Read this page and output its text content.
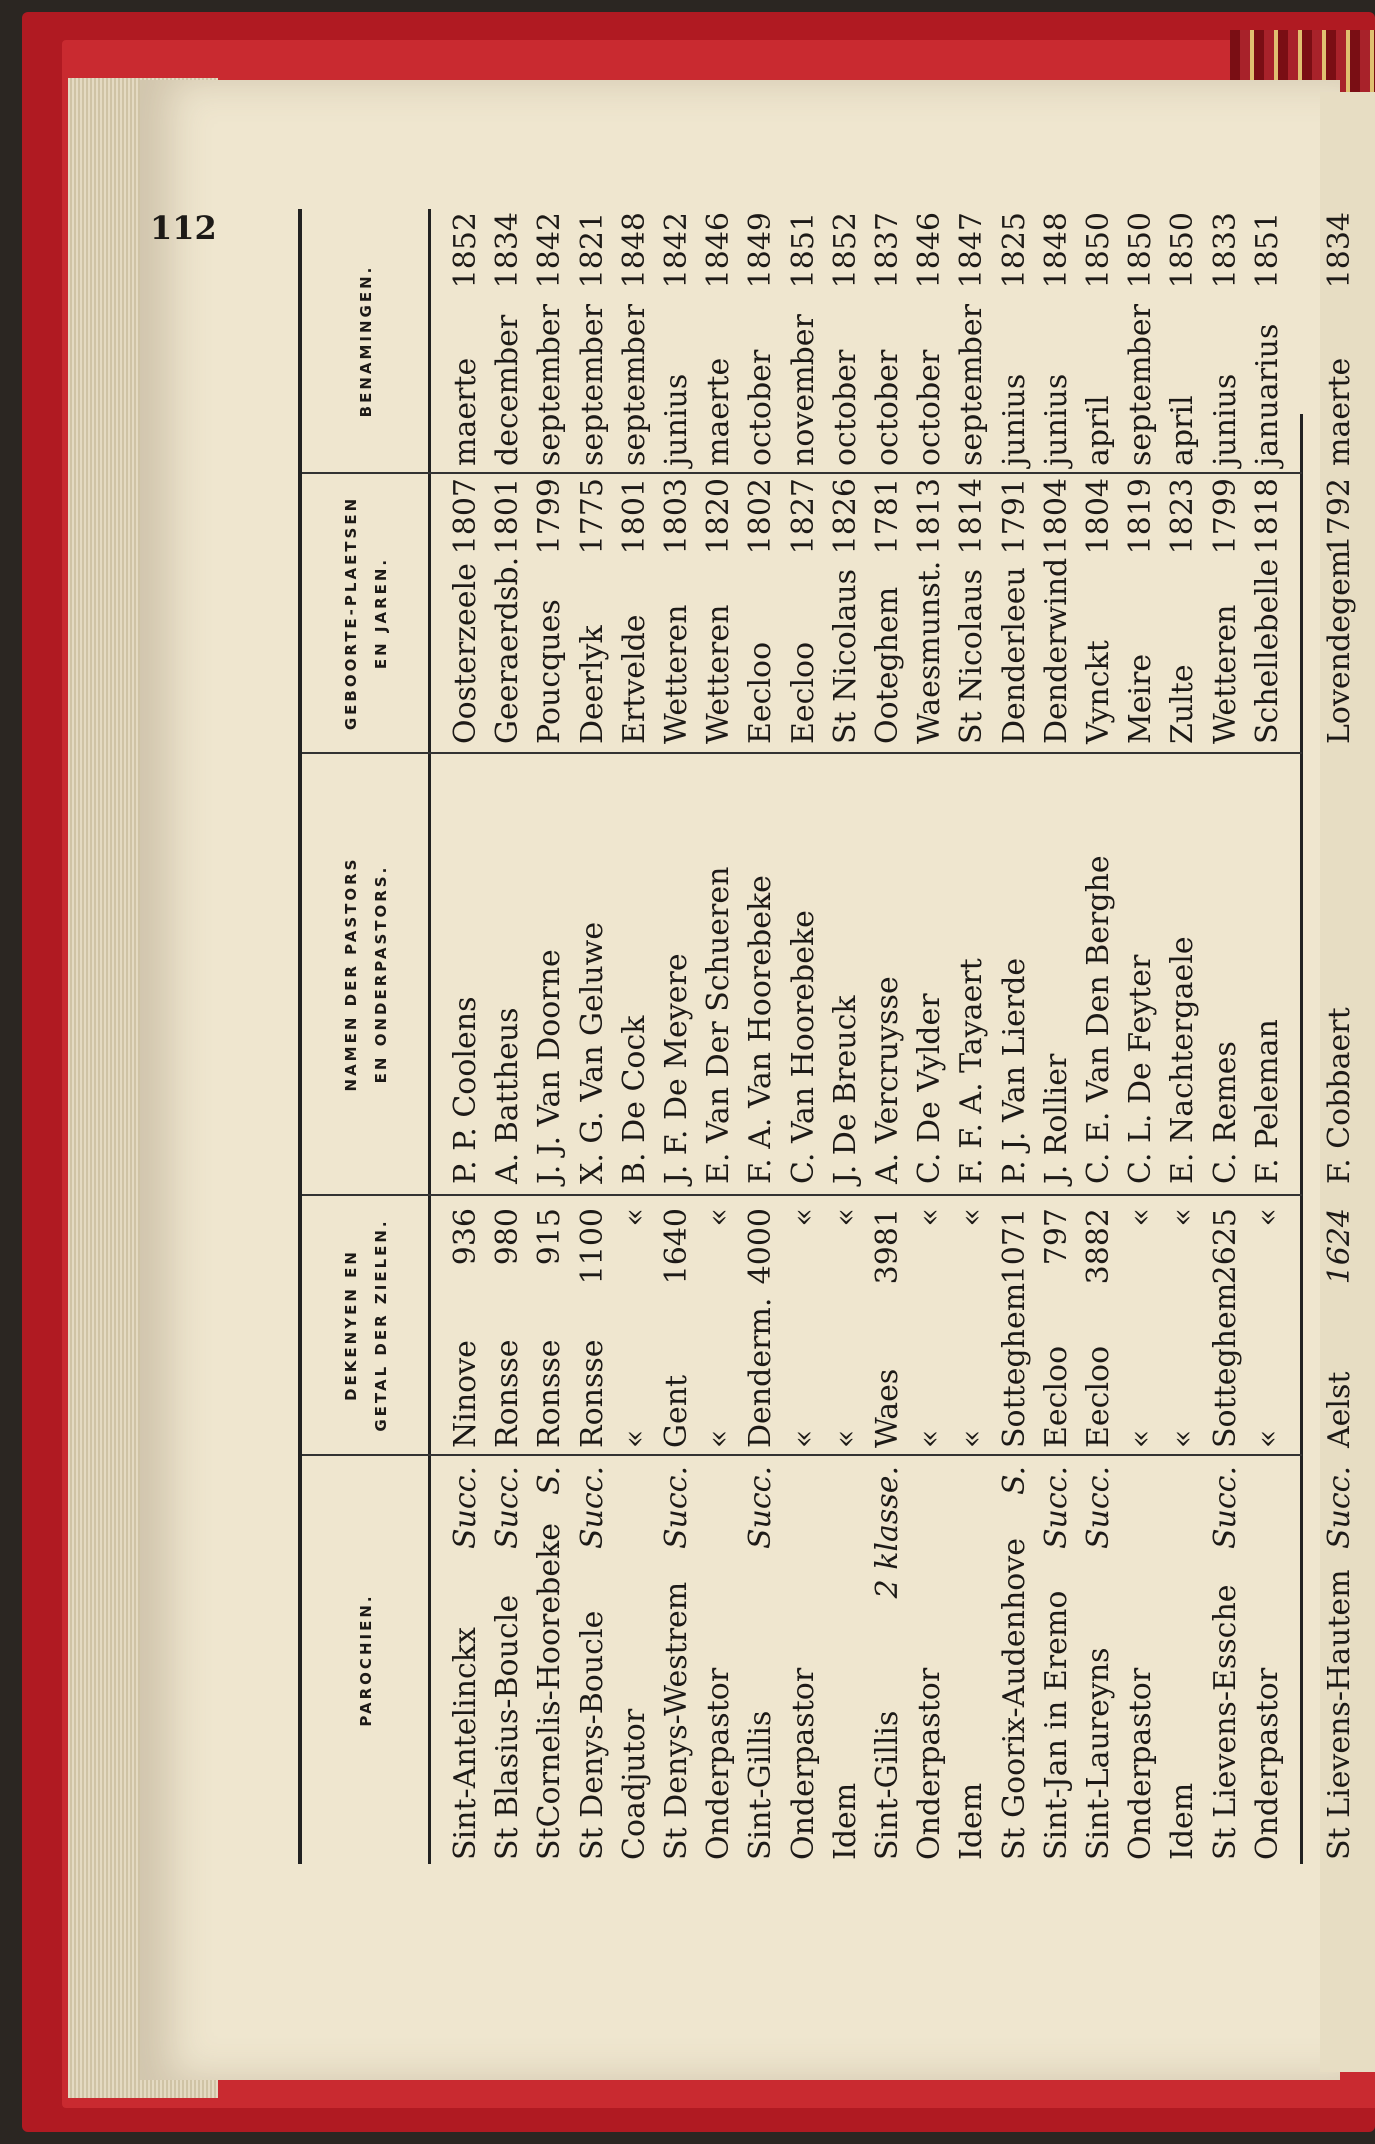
112
PAROCHIEN.
DEKENYEN EN GETAL DER ZIELEN.
NAMEN DER PASTORS EN ONDERPASTORS.
GEBOORTE-PLAETSEN EN JAREN.
BENAMINGEN.
Sint-Antelinckx
Succ.
Ninove
936
P. P. Coolens
Oosterzeele
1807
maerte
1852
St Blasius-Boucle
Succ.
Ronsse
980
A. Battheus
Geeraerdsb.
1801
december
1834
StCornelis-Hoorebeke
S.
Ronsse
915
J. J. Van Doorne
Poucques
1799
september
1842
St Denys-Boucle
Succ.
Ronsse
1100
X. G. Van Geluwe
Deerlyk
1775
september
1821
Coadjutor
«
«
B. De Cock
Ertvelde
1801
september
1848
St Denys-Westrem
Succ.
Gent
1640
J. F. De Meyere
Wetteren
1803
junius
1842
Onderpastor
«
«
E. Van Der Schueren
Wetteren
1820
maerte
1846
Sint-Gillis
Succ.
Denderm.
4000
F. A. Van Hoorebeke
Eecloo
1802
october
1849
Onderpastor
«
«
C. Van Hoorebeke
Eecloo
1827
november
1851
Idem
«
«
J. De Breuck
St Nicolaus
1826
october
1852
Sint-Gillis
2 klasse.
Waes
3981
A. Vercruysse
Ooteghem
1781
october
1837
Onderpastor
«
«
C. De Vylder
Waesmunst.
1813
october
1846
Idem
«
«
F. F. A. Tayaert
St Nicolaus
1814
september
1847
St Goorix-Audenhove
S.
Sotteghem
1071
P. J. Van Lierde
Denderleeu
1791
junius
1825
Sint-Jan in Eremo
Succ.
Eecloo
797
J. Rollier
Denderwind
1804
junius
1848
Sint-Laureyns
Succ.
Eecloo
3882
C. E. Van Den Berghe
Vynckt
1804
april
1850
Onderpastor
«
«
C. L. De Feyter
Meire
1819
september
1850
Idem
«
«
E. Nachtergaele
Zulte
1823
april
1850
St Lievens-Essche
Succ.
Sotteghem
2625
C. Remes
Wetteren
1799
junius
1833
Onderpastor
«
«
F. Peleman
Schellebelle
1818
januarius
1851
St Lievens-Hautem
Succ.
Aelst
1624
F. Cobbaert
Lovendegem
1792
maerte
1834
